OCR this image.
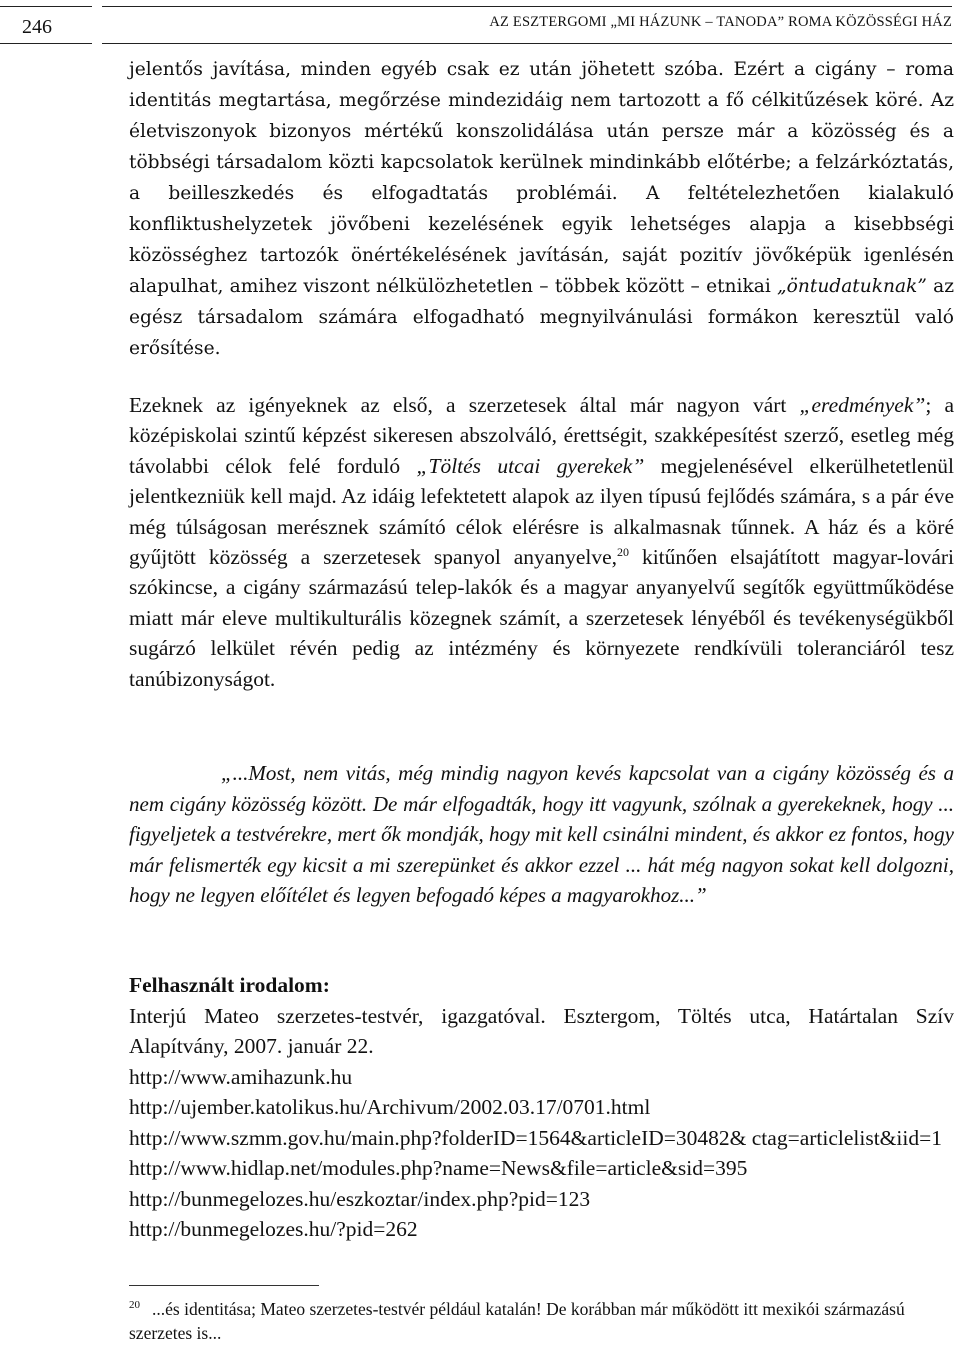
246	AZ ESZTERGOMI „MI HÁZUNK – TANODA” ROMA KÖZÖSSÉGI HÁZ

jelentős javítása, minden egyéb csak ez után jöhetett szóba. Ezért a cigány – roma identitás megtartása, megőrzése mindezidáig nem tartozott a fő célkitűzések köré. Az életviszonyok bizonyos mértékű konszolidálása után persze már a közösség és a többségi társadalom közti kapcsolatok kerülnek mindinkább előtérbe; a felzárkóztatás, a beilleszkedés és elfogadtatás problémái. A feltételezhetően kialakuló konfliktushelyzetek jövőbeni kezelésének egyik lehetséges alapja a kisebbségi közösséghez tartozók önértékelésének javításán, saját pozitív jövőképük igenlésén alapulhat, amihez viszont nélkülözhetetlen – többek között – etnikai „öntudatuknak” az egész társadalom számára elfogadható megnyilvánulási formákon keresztül való erősítése.

Ezeknek az igényeknek az első, a szerzetesek által már nagyon várt „eredmények”; a középiskolai szintű képzést sikeresen abszolváló, érettségit, szakképesítést szerző, esetleg még távolabbi célok felé forduló „Töltés utcai gyerekek” megjelenésével elkerülhetetlenül jelentkezniük kell majd. Az idáig lefektetett alapok az ilyen típusú fejlődés számára, s a pár éve még túlságosan merésznek számító célok elérésre is alkalmasnak tűnnek. A ház és a köré gyűjtött közösség a szerzetesek spanyol anyanyelve,$^{20}$ kitűnően elsajátított magyar-lovári szókincse, a cigány származású telep-lakók és a magyar anyanyelvű segítők együttműködése miatt már eleve multikulturális közegnek számít, a szerzetesek lényéből és tevékenységükből sugárzó lelkület révén pedig az intézmény és környezete rendkívüli toleranciáról tesz tanúbizonyságot.

„...Most, nem vitás, még mindig nagyon kevés kapcsolat van a cigány közösség és a nem cigány közösség között. De már elfogadták, hogy itt vagyunk, szólnak a gyerekeknek, hogy ... figyeljetek a testvérekre, mert ők mondják, hogy mit kell csinálni mindent, és akkor ez fontos, hogy már felismerték egy kicsit a mi szerepünket és akkor ezzel ... hát még nagyon sokat kell dolgozni, hogy ne legyen előítélet és legyen befogadó képes a magyarokhoz...”

Felhasznált irodalom:
Interjú Mateo szerzetes-testvér, igazgatóval. Esztergom, Töltés utca, Határtalan Szív Alapítvány, 2007. január 22.
http://www.amihazunk.hu
http://ujember.katolikus.hu/Archivum/2002.03.17/0701.html
http://www.szmm.gov.hu/main.php?folderID=1564&articleID=30482& ctag=articlelist&iid=1
http://www.hidlap.net/modules.php?name=News&file=article&sid=395
http://bunmegelozes.hu/eszkoztar/index.php?pid=123
http://bunmegelozes.hu/?pid=262

$^{20}$ ...és identitása; Mateo szerzetes-testvér például katalán! De korábban már működött itt mexikói származású szerzetes is...
